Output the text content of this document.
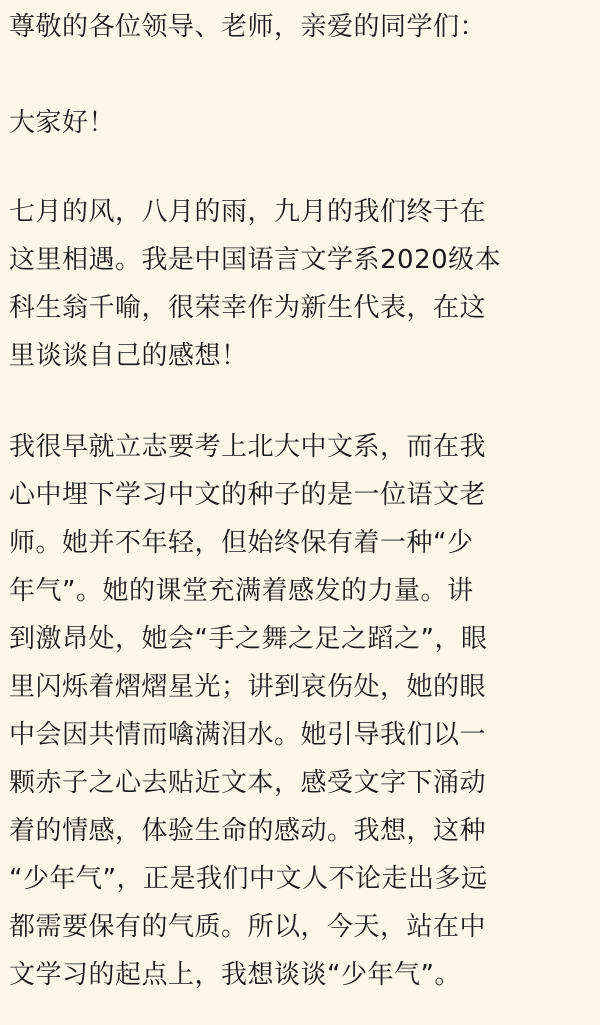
尊敬的各位领导、老师，亲爱的同学们：
大家好！
七月的风，八月的雨，九月的我们终于在
这里相遇。我是中国语言文学系2020级本
科生翁千喻，很荣幸作为新生代表，在这
里谈谈自己的感想！
我很早就立志要考上北大中文系，而在我
心中埋下学习中文的种子的是一位语文老
师。她并不年轻，但始终保有着一种“少
年气”。她的课堂充满着感发的力量。讲
到激昂处，她会“手之舞之足之蹈之”，眼
里闪烁着熠熠星光；讲到哀伤处，她的眼
中会因共情而噙满泪水。她引导我们以一
颗赤子之心去贴近文本，感受文字下涌动
着的情感，体验生命的感动。我想，这种
“少年气”，正是我们中文人不论走出多远
都需要保有的气质。所以，今天，站在中
文学习的起点上，我想谈谈“少年气”。
